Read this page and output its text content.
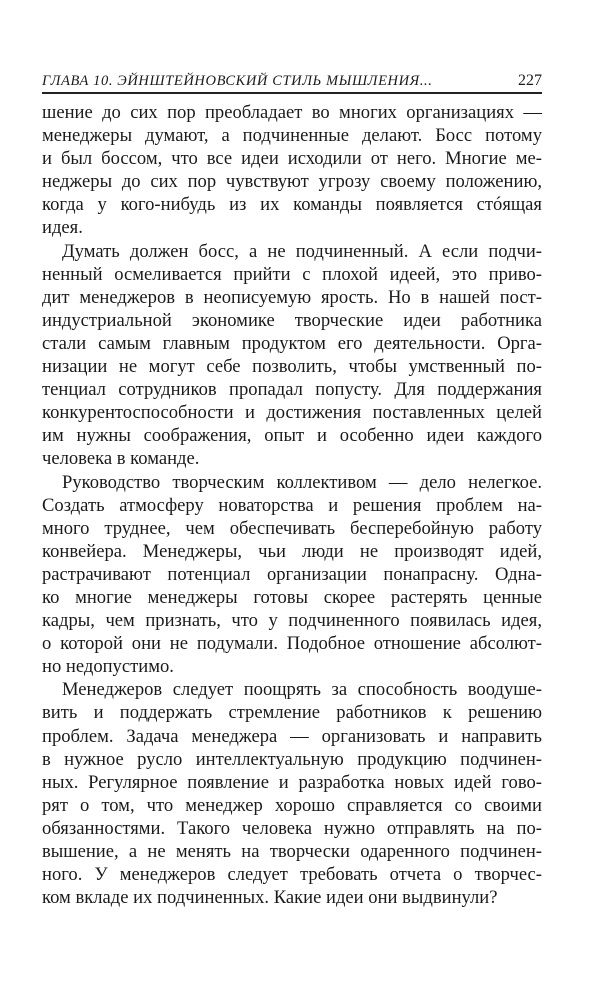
ГЛАВА 10. ЭЙНШТЕЙНОВСКИЙ СТИЛЬ МЫШЛЕНИЯ...	227
шение до сих пор преобладает во многих организациях —
менеджеры думают, а подчиненные делают. Босс потому
и был боссом, что все идеи исходили от него. Многие ме-
неджеры до сих пор чувствуют угрозу своему положению,
когда у кого-нибудь из их команды появляется стóящая
идея.
Думать должен босс, а не подчиненный. А если подчи-
ненный осмеливается прийти с плохой идеей, это приво-
дит менеджеров в неописуемую ярость. Но в нашей пост-
индустриальной экономике творческие идеи работника
стали самым главным продуктом его деятельности. Орга-
низации не могут себе позволить, чтобы умственный по-
тенциал сотрудников пропадал попусту. Для поддержания
конкурентоспособности и достижения поставленных целей
им нужны соображения, опыт и особенно идеи каждого
человека в команде.
Руководство творческим коллективом — дело нелегкое.
Создать атмосферу новаторства и решения проблем на-
много труднее, чем обеспечивать бесперебойную работу
конвейера. Менеджеры, чьи люди не производят идей,
растрачивают потенциал организации понапрасну. Одна-
ко многие менеджеры готовы скорее растерять ценные
кадры, чем признать, что у подчиненного появилась идея,
о которой они не подумали. Подобное отношение абсолют-
но недопустимо.
Менеджеров следует поощрять за способность воодуше-
вить и поддержать стремление работников к решению
проблем. Задача менеджера — организовать и направить
в нужное русло интеллектуальную продукцию подчинен-
ных. Регулярное появление и разработка новых идей гово-
рят о том, что менеджер хорошо справляется со своими
обязанностями. Такого человека нужно отправлять на по-
вышение, а не менять на творчески одаренного подчинен-
ного. У менеджеров следует требовать отчета о творчес-
ком вкладе их подчиненных. Какие идеи они выдвинули?
